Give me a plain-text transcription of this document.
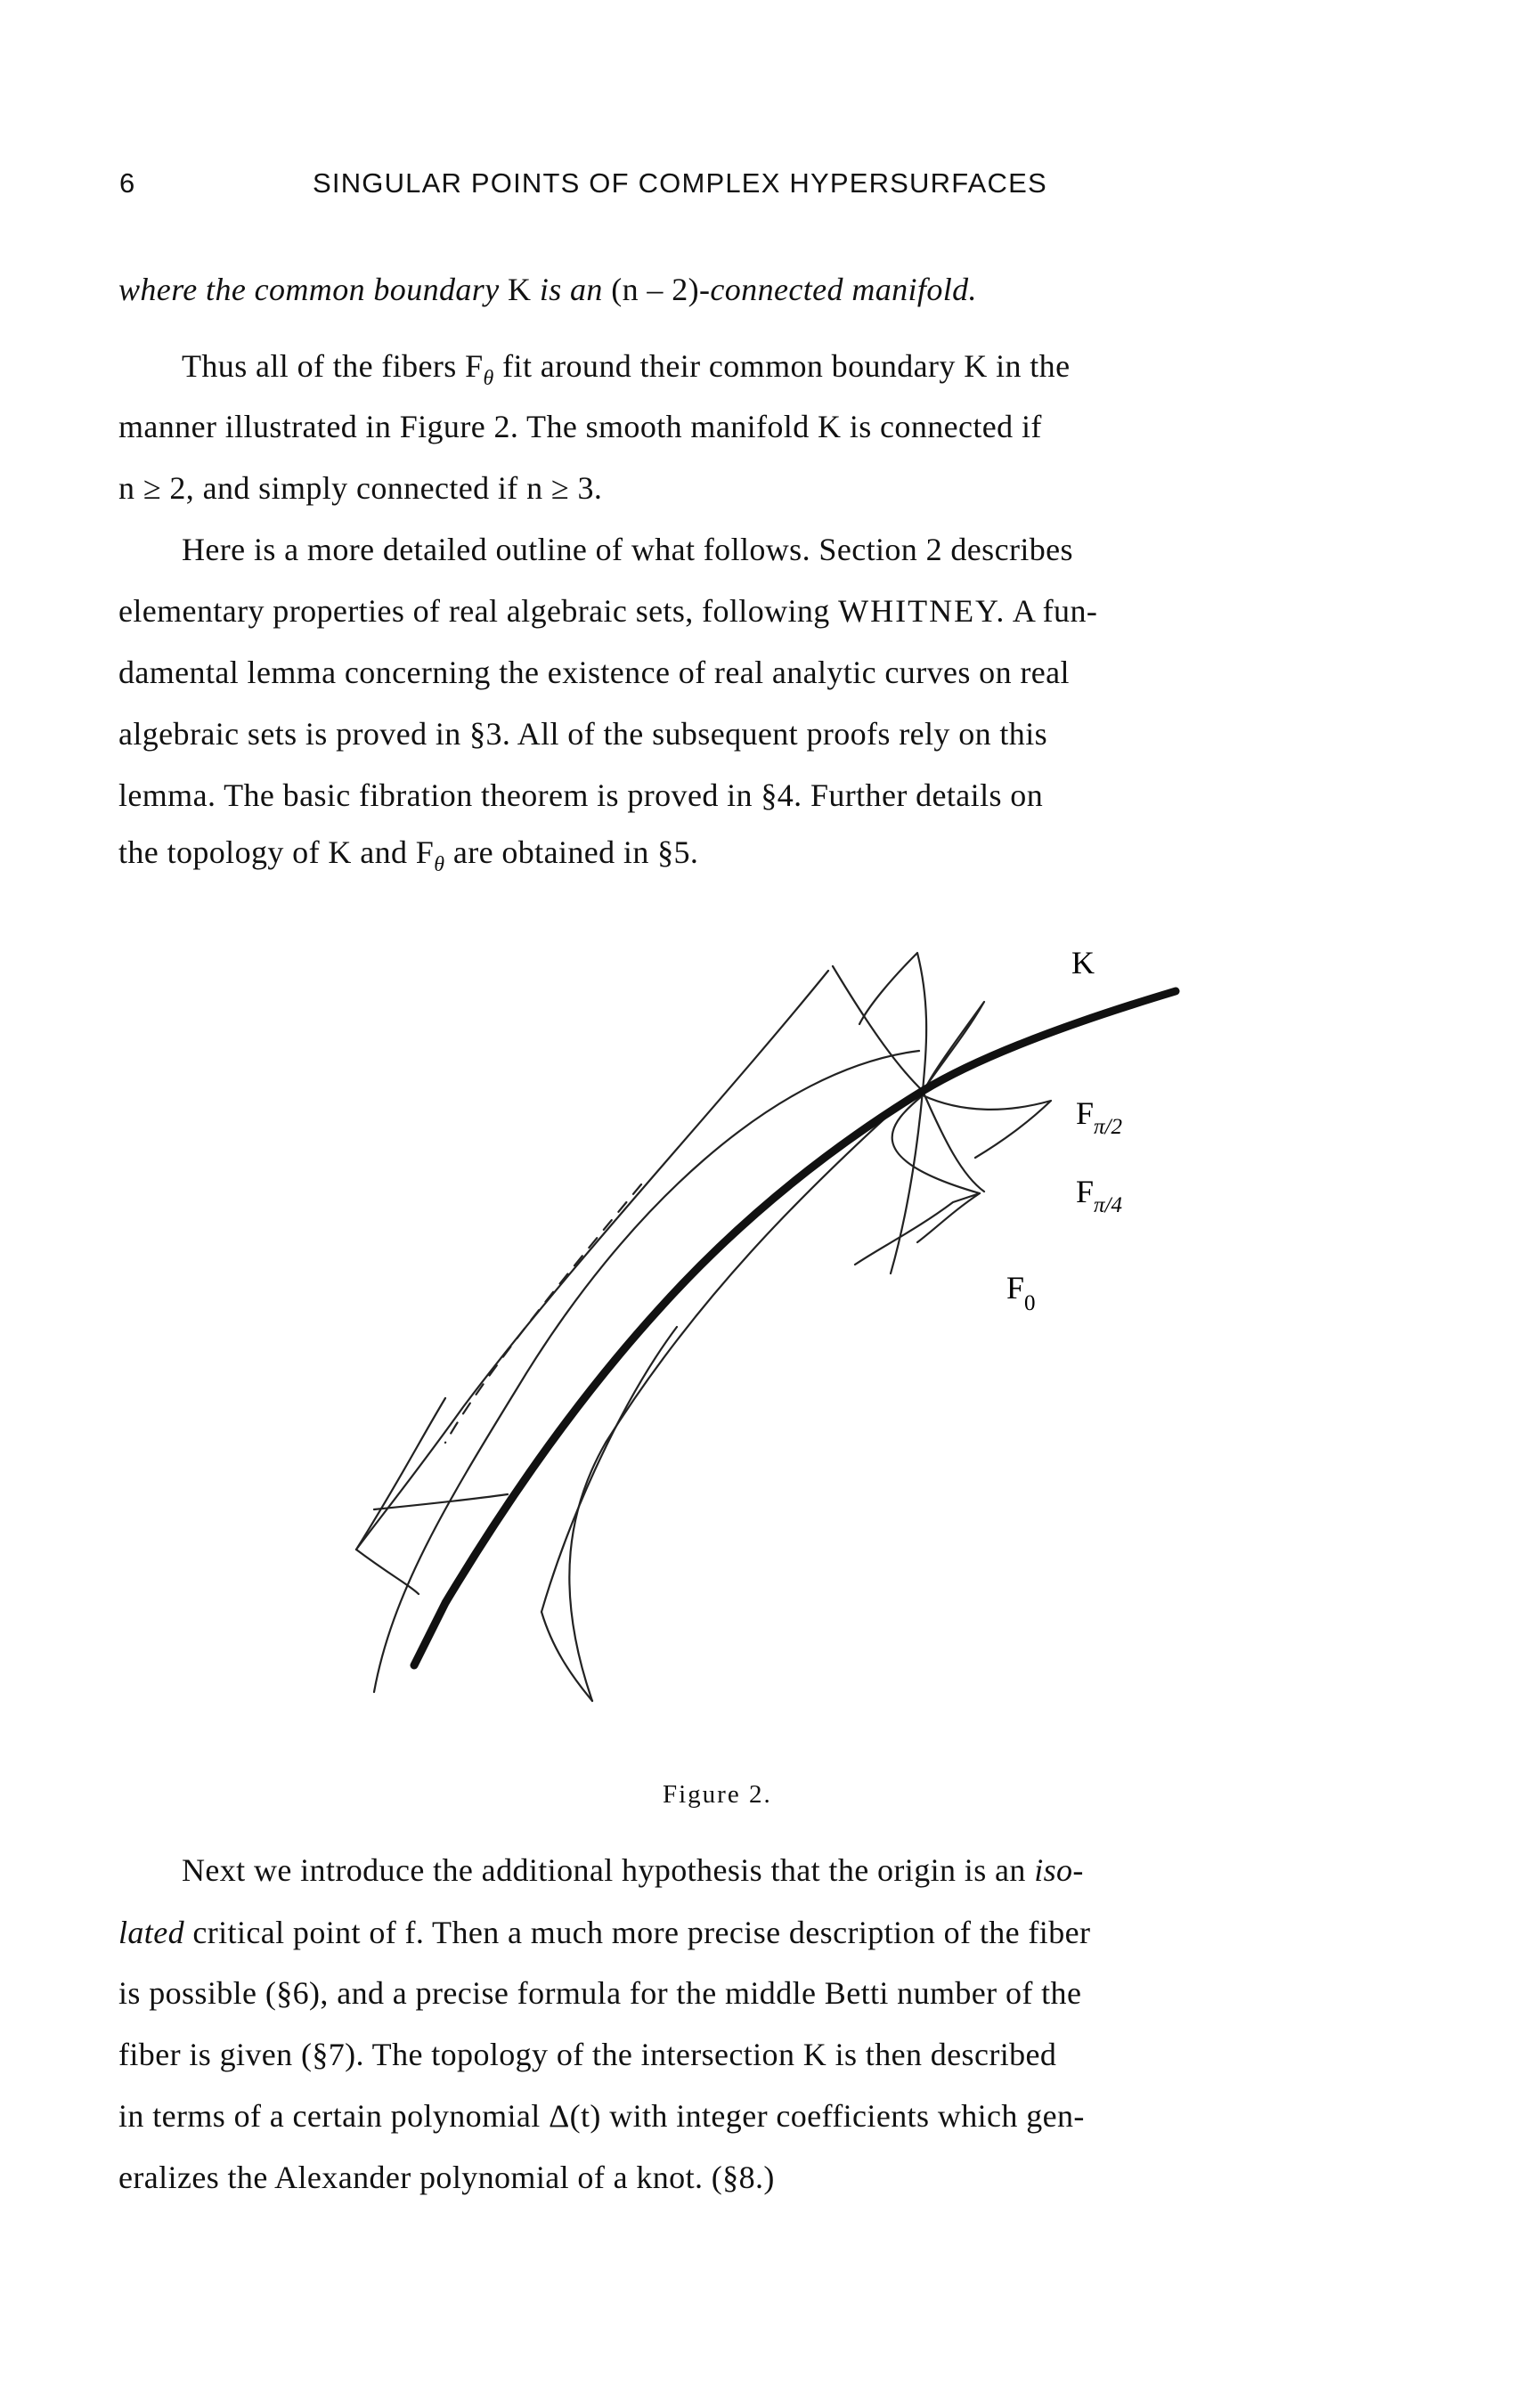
6	SINGULAR POINTS OF COMPLEX HYPERSURFACES
where the common boundary K is an (n – 2)-connected manifold.
Thus all of the fibers $F_\theta$ fit around their common boundary K in the
manner illustrated in Figure 2. The smooth manifold K is connected if
n ≥ 2, and simply connected if n ≥ 3.
Here is a more detailed outline of what follows. Section 2 describes
elementary properties of real algebraic sets, following WHITNEY. A fun-
damental lemma concerning the existence of real analytic curves on real
algebraic sets is proved in §3. All of the subsequent proofs rely on this
lemma. The basic fibration theorem is proved in §4. Further details on
the topology of K and $F_\theta$ are obtained in §5.
K
$F_{\pi/2}$
$F_{\pi/4}$
$F_0$
Figure 2.
Next we introduce the additional hypothesis that the origin is an iso-
lated critical point of f. Then a much more precise description of the fiber
is possible (§6), and a precise formula for the middle Betti number of the
fiber is given (§7). The topology of the intersection K is then described
in terms of a certain polynomial Δ(t) with integer coefficients which gen-
eralizes the Alexander polynomial of a knot. (§8.)
